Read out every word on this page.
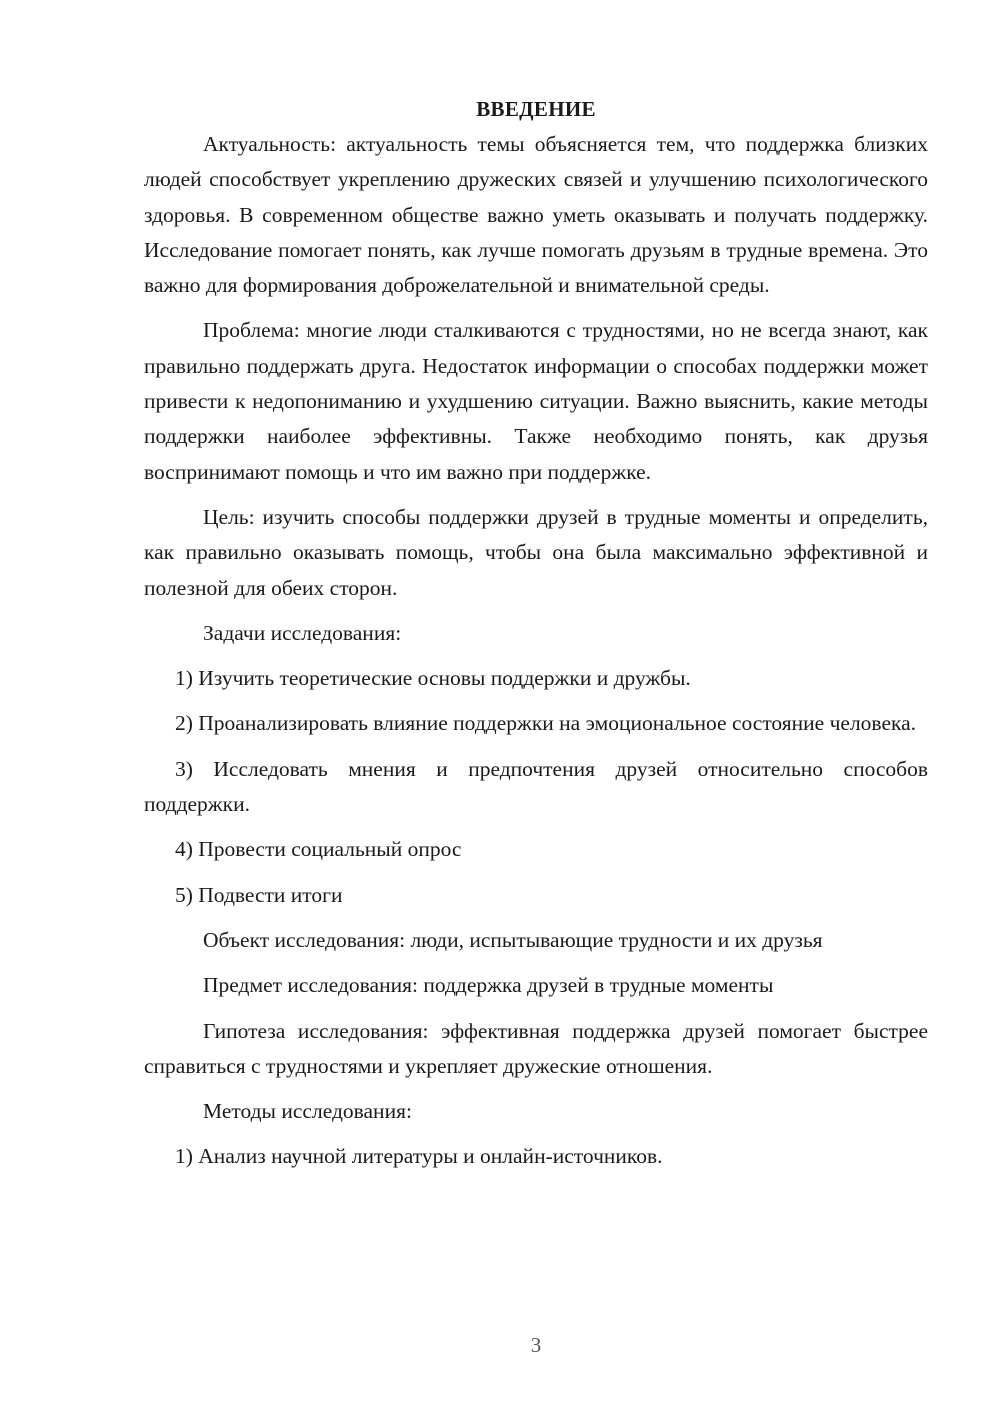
ВВЕДЕНИЕ

Актуальность: актуальность темы объясняется тем, что поддержка близких людей способствует укреплению дружеских связей и улучшению психологического здоровья. В современном обществе важно уметь оказывать и получать поддержку. Исследование помогает понять, как лучше помогать друзьям в трудные времена. Это важно для формирования доброжелательной и внимательной среды.

Проблема: многие люди сталкиваются с трудностями, но не всегда знают, как правильно поддержать друга. Недостаток информации о способах поддержки может привести к недопониманию и ухудшению ситуации. Важно выяснить, какие методы поддержки наиболее эффективны. Также необходимо понять, как друзья воспринимают помощь и что им важно при поддержке.

Цель: изучить способы поддержки друзей в трудные моменты и определить, как правильно оказывать помощь, чтобы она была максимально эффективной и полезной для обеих сторон.

Задачи исследования:

1) Изучить теоретические основы поддержки и дружбы.

2) Проанализировать влияние поддержки на эмоциональное состояние человека.

3) Исследовать мнения и предпочтения друзей относительно способов поддержки.

4) Провести социальный опрос

5) Подвести итоги

Объект исследования: люди, испытывающие трудности и их друзья

Предмет исследования: поддержка друзей в трудные моменты

Гипотеза исследования: эффективная поддержка друзей помогает быстрее справиться с трудностями и укрепляет дружеские отношения.

Методы исследования:

1) Анализ научной литературы и онлайн-источников.

3
